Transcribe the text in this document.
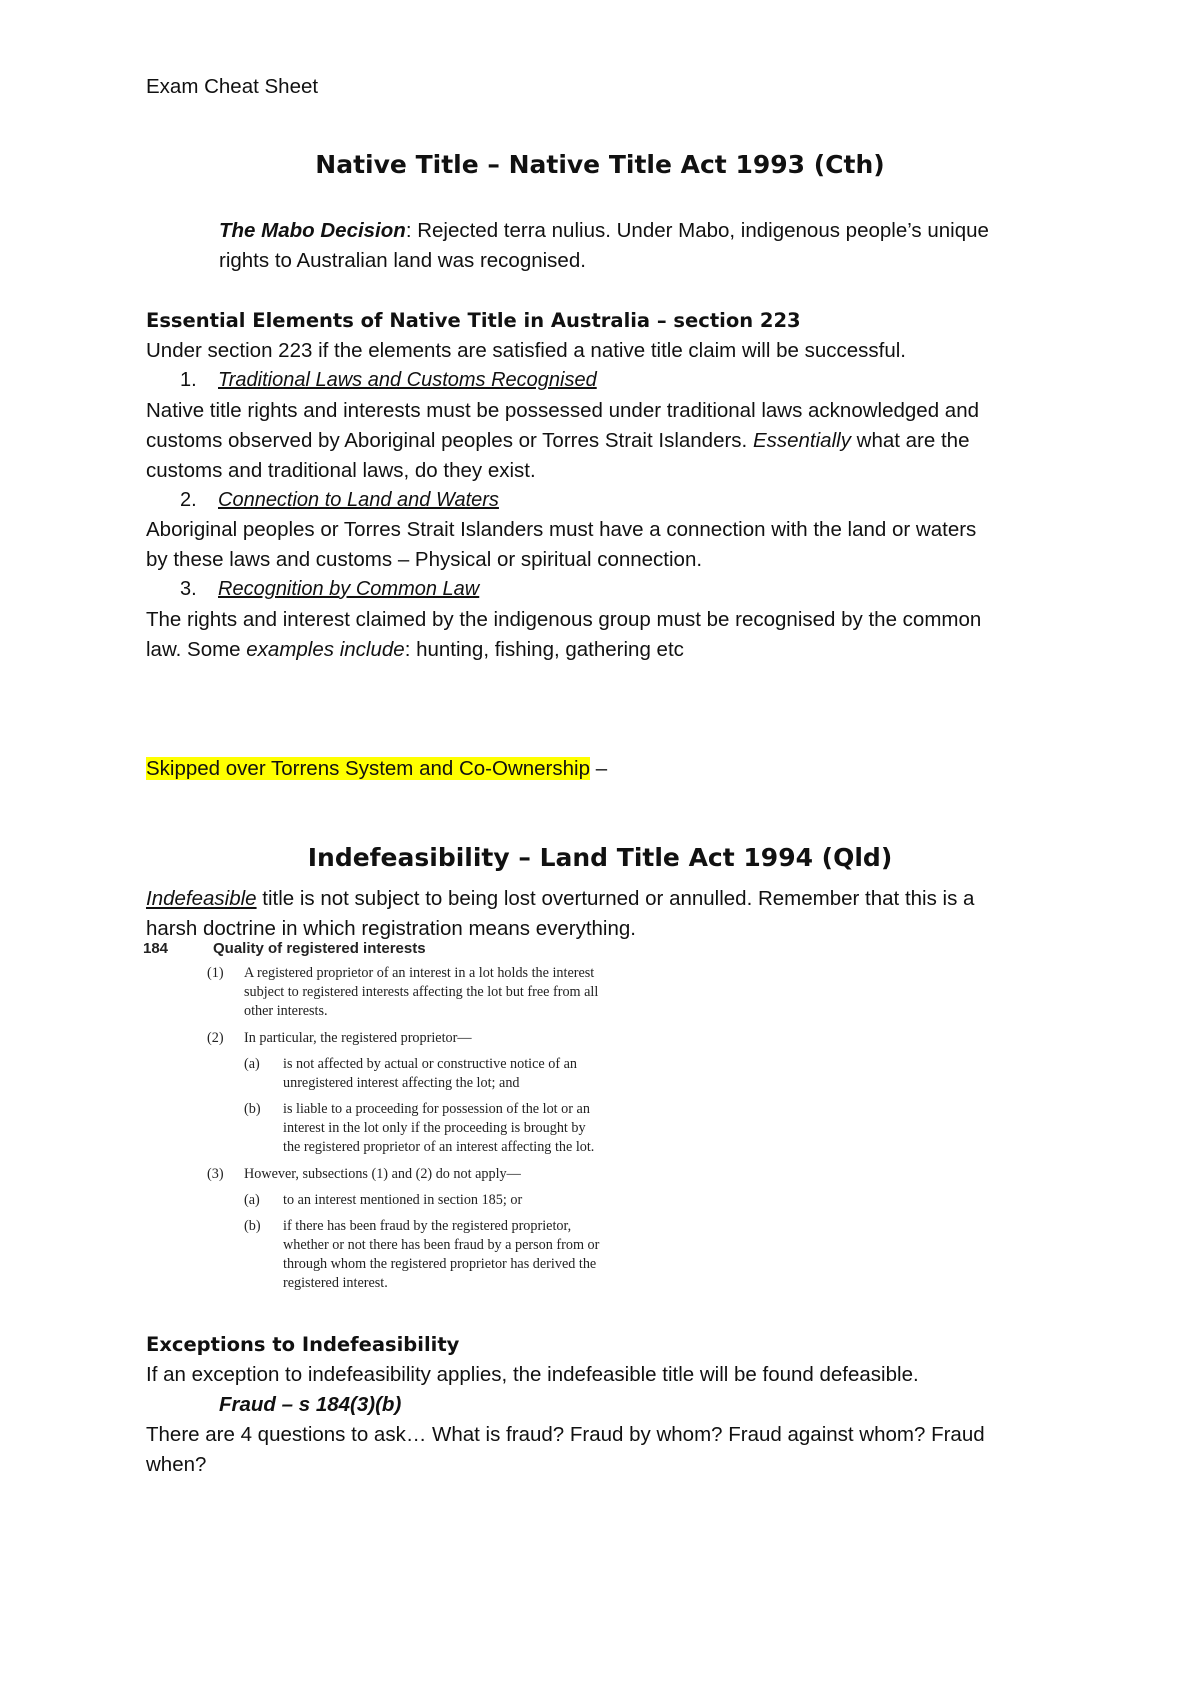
Exam Cheat Sheet
Native Title – Native Title Act 1993 (Cth)
The Mabo Decision: Rejected terra nulius. Under Mabo, indigenous people’s unique
rights to Australian land was recognised.
Essential Elements of Native Title in Australia – section 223
Under section 223 if the elements are satisfied a native title claim will be successful.
1. Traditional Laws and Customs Recognised
Native title rights and interests must be possessed under traditional laws acknowledged and
customs observed by Aboriginal peoples or Torres Strait Islanders. Essentially what are the
customs and traditional laws, do they exist.
2. Connection to Land and Waters
Aboriginal peoples or Torres Strait Islanders must have a connection with the land or waters
by these laws and customs – Physical or spiritual connection.
3. Recognition by Common Law
The rights and interest claimed by the indigenous group must be recognised by the common
law. Some examples include: hunting, fishing, gathering etc
Skipped over Torrens System and Co-Ownership –
Indefeasibility – Land Title Act 1994 (Qld)
Indefeasible title is not subject to being lost overturned or annulled. Remember that this is a
harsh doctrine in which registration means everything.
184	Quality of registered interests
(1) A registered proprietor of an interest in a lot holds the interest
subject to registered interests affecting the lot but free from all
other interests.
(2) In particular, the registered proprietor—
(a) is not affected by actual or constructive notice of an
unregistered interest affecting the lot; and
(b) is liable to a proceeding for possession of the lot or an
interest in the lot only if the proceeding is brought by
the registered proprietor of an interest affecting the lot.
(3) However, subsections (1) and (2) do not apply—
(a) to an interest mentioned in section 185; or
(b) if there has been fraud by the registered proprietor,
whether or not there has been fraud by a person from or
through whom the registered proprietor has derived the
registered interest.
Exceptions to Indefeasibility
If an exception to indefeasibility applies, the indefeasible title will be found defeasible.
Fraud – s 184(3)(b)
There are 4 questions to ask… What is fraud? Fraud by whom? Fraud against whom? Fraud
when?
